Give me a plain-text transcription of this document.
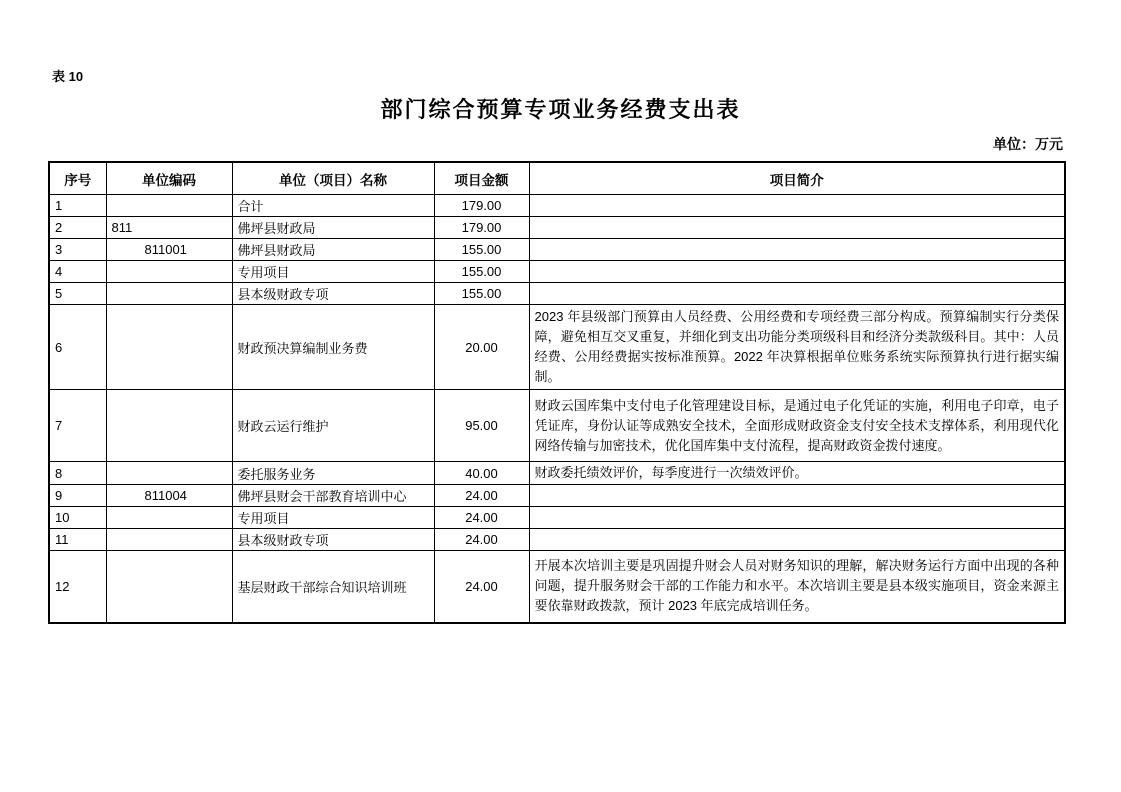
表 10
部门综合预算专项业务经费支出表
单位：万元
序号	单位编码	单位（项目）名称	项目金额	项目简介
1		合计	179.00	
2	811	佛坪县财政局	179.00	
3	811001	佛坪县财政局	155.00	
4		专用项目	155.00	
5		县本级财政专项	155.00	
6		财政预决算编制业务费	20.00	2023 年县级部门预算由人员经费、公用经费和专项经费三部分构成。预算编制实行分类保障，避免相互交叉重复，并细化到支出功能分类项级科目和经济分类款级科目。其中：人员经费、公用经费据实按标准预算。2022 年决算根据单位账务系统实际预算执行进行据实编制。
7		财政云运行维护	95.00	财政云国库集中支付电子化管理建设目标，是通过电子化凭证的实施，利用电子印章，电子凭证库，身份认证等成熟安全技术，全面形成财政资金支付安全技术支撑体系，利用现代化网络传输与加密技术，优化国库集中支付流程，提高财政资金拨付速度。
8		委托服务业务	40.00	财政委托绩效评价，每季度进行一次绩效评价。
9	811004	佛坪县财会干部教育培训中心	24.00	
10		专用项目	24.00	
11		县本级财政专项	24.00	
12		基层财政干部综合知识培训班	24.00	开展本次培训主要是巩固提升财会人员对财务知识的理解，解决财务运行方面中出现的各种问题，提升服务财会干部的工作能力和水平。本次培训主要是县本级实施项目，资金来源主要依靠财政拨款，预计 2023 年底完成培训任务。
